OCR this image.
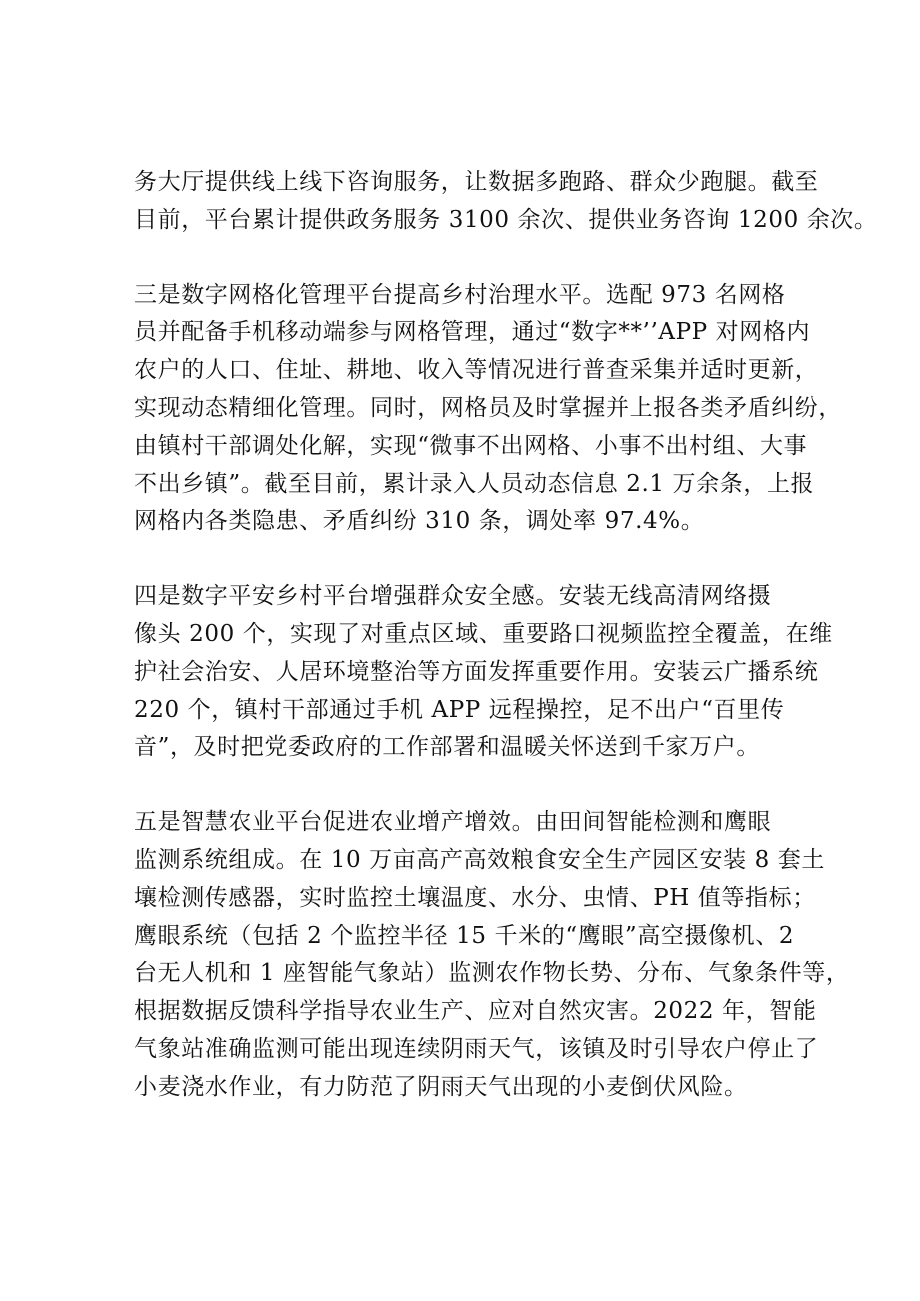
务大厅提供线上线下咨询服务，让数据多跑路、群众少跑腿。截至
目前，平台累计提供政务服务 3100 余次、提供业务咨询 1200 余次。

三是数字网格化管理平台提高乡村治理水平。选配 973 名网格
员并配备手机移动端参与网格管理，通过“数字**’’APP 对网格内
农户的人口、住址、耕地、收入等情况进行普查采集并适时更新，
实现动态精细化管理。同时，网格员及时掌握并上报各类矛盾纠纷，
由镇村干部调处化解，实现“微事不出网格、小事不出村组、大事
不出乡镇”。截至目前，累计录入人员动态信息 2.1 万余条，上报
网格内各类隐患、矛盾纠纷 310 条，调处率 97.4%。

四是数字平安乡村平台增强群众安全感。安装无线高清网络摄
像头 200 个，实现了对重点区域、重要路口视频监控全覆盖，在维
护社会治安、人居环境整治等方面发挥重要作用。安装云广播系统
220 个，镇村干部通过手机 APP 远程操控，足不出户“百里传
音”，及时把党委政府的工作部署和温暖关怀送到千家万户。

五是智慧农业平台促进农业增产增效。由田间智能检测和鹰眼
监测系统组成。在 10 万亩高产高效粮食安全生产园区安装 8 套土
壤检测传感器，实时监控土壤温度、水分、虫情、PH 值等指标；
鹰眼系统（包括 2 个监控半径 15 千米的“鹰眼”高空摄像机、2
台无人机和 1 座智能气象站）监测农作物长势、分布、气象条件等，
根据数据反馈科学指导农业生产、应对自然灾害。2022 年，智能
气象站准确监测可能出现连续阴雨天气，该镇及时引导农户停止了
小麦浇水作业，有力防范了阴雨天气出现的小麦倒伏风险。
